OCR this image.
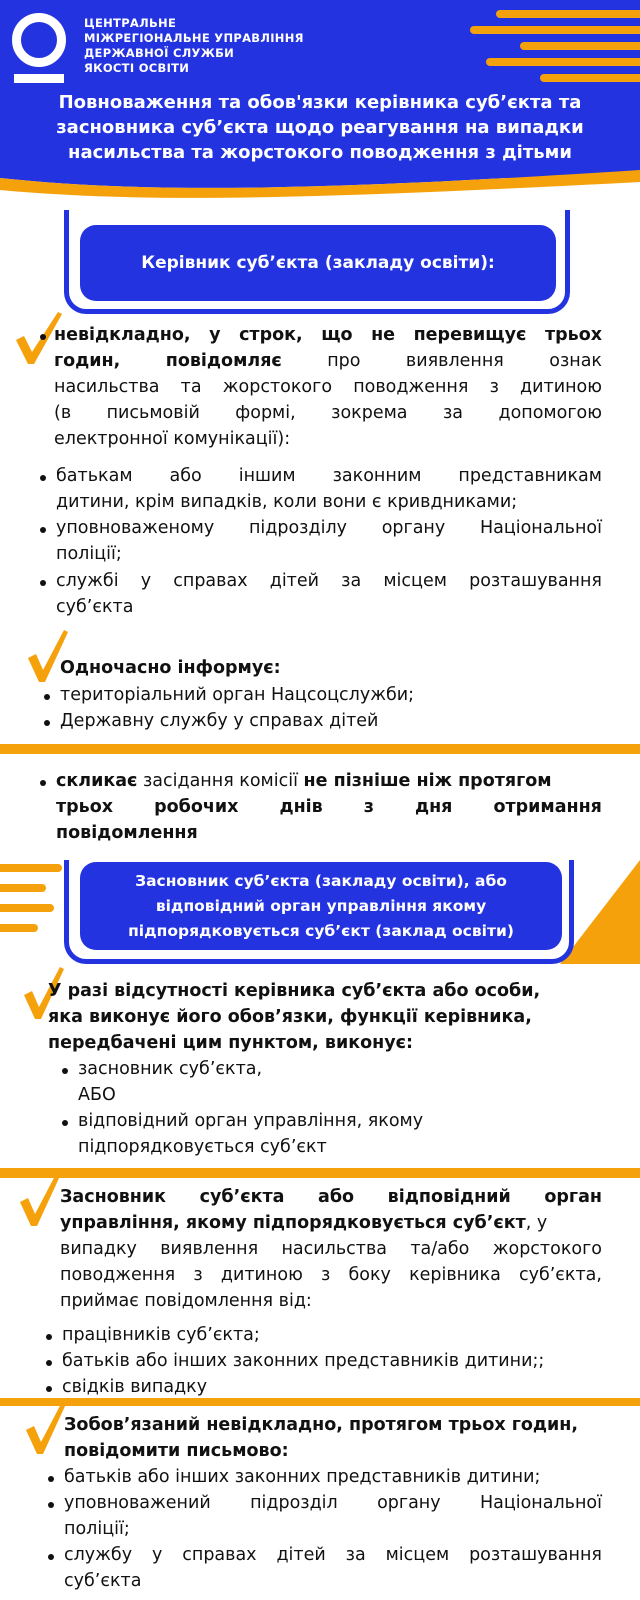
ЦЕНТРАЛЬНЕ
МІЖРЕГІОНАЛЬНЕ УПРАВЛІННЯ
ДЕРЖАВНОЇ СЛУЖБИ
ЯКОСТІ ОСВІТИ
Повноваження та обов'язки керівника суб’єкта та
засновника суб’єкта щодо реагування на випадки
насильства та жорстокого поводження з дітьми
Керівник суб’єкта (закладу освіти):
невідкладно, у строк, що не перевищує трьох
годин,	повідомляє	про	виявлення	ознак
насильства та жорстокого поводження з дитиною
(в письмовій формі, зокрема за допомогою
електронної комунікації):
батькам або іншим законним представникам
дитини, крім випадків, коли вони є кривдниками;
уповноваженому підрозділу органу Національної
поліції;
службі у справах дітей за місцем розташування
суб’єкта
Одночасно інформує:
територіальний орган Нацсоцслужби;
Державну службу у справах дітей
скликає засідання комісії не пізніше ніж протягом
трьох робочих днів з дня отримання
повідомлення
Засновник суб’єкта (закладу освіти), або
відповідний орган управління якому
підпорядковується суб’єкт (заклад освіти)
У разі відсутності керівника суб’єкта або особи,
яка виконує його обов’язки, функції керівника,
передбачені цим пунктом, виконує:
засновник суб’єкта,
АБО
відповідний орган управління, якому
підпорядковується суб’єкт
Засновник суб’єкта або відповідний орган
управління, якому підпорядковується суб’єкт, у
випадку виявлення насильства та/або жорстокого
поводження з дитиною з боку керівника суб’єкта,
приймає повідомлення від:
працівників суб’єкта;
батьків або інших законних представників дитини;;
свідків випадку
Зобов’язаний невідкладно, протягом трьох годин,
повідомити письмово:
батьків або інших законних представників дитини;
уповноважений підрозділ органу Національної
поліції;
службу у справах дітей за місцем розташування
суб’єкта
